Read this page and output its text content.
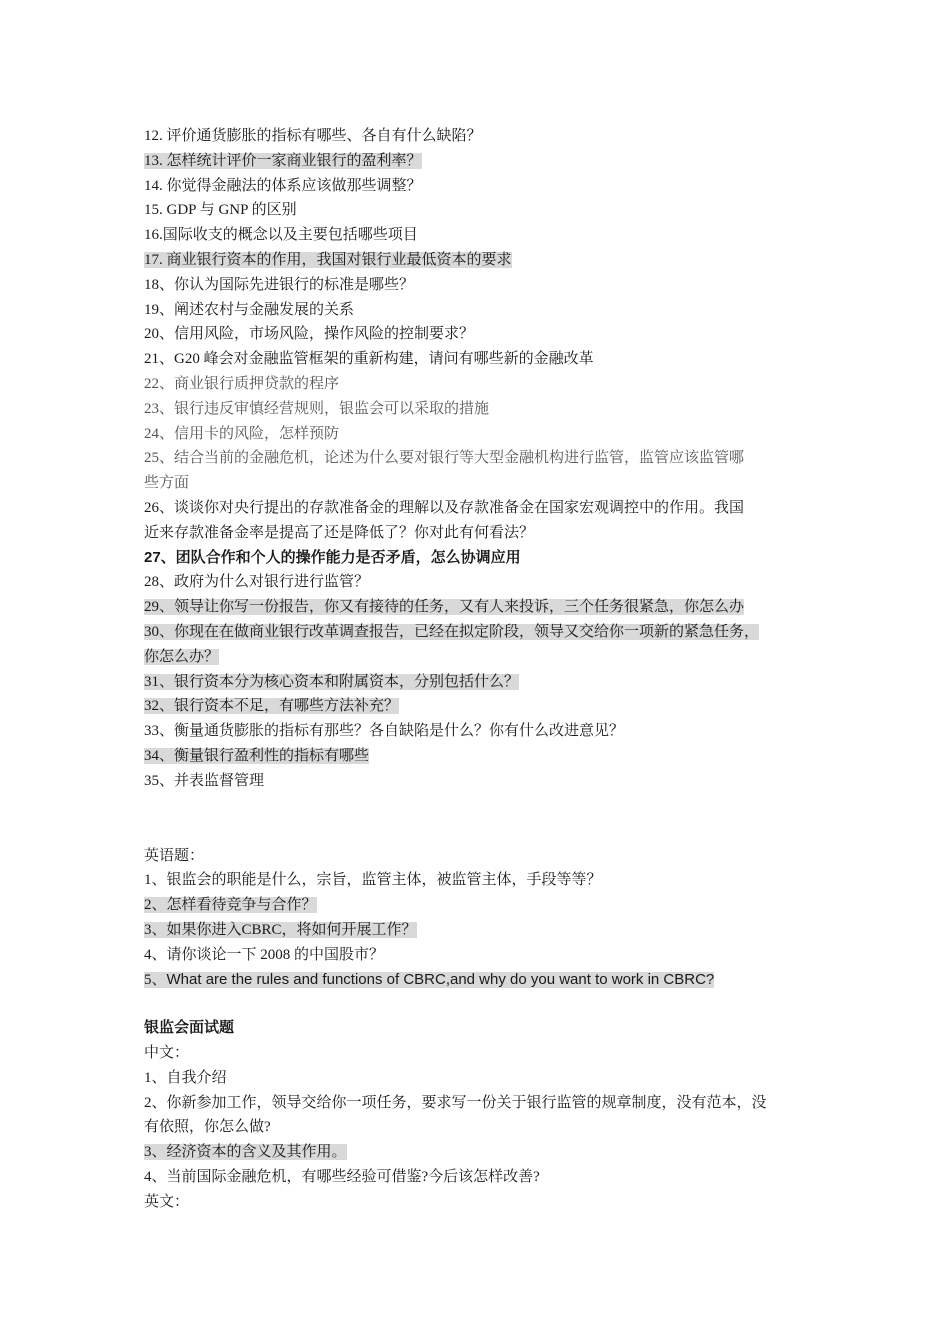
12. 评价通货膨胀的指标有哪些、各自有什么缺陷？
13. 怎样统计评价一家商业银行的盈利率？
14. 你觉得金融法的体系应该做那些调整？
15. GDP 与 GNP 的区别
16.国际收支的概念以及主要包括哪些项目
17. 商业银行资本的作用，我国对银行业最低资本的要求
18、你认为国际先进银行的标准是哪些？
19、阐述农村与金融发展的关系
20、信用风险，市场风险，操作风险的控制要求？
21、G20 峰会对金融监管框架的重新构建，请问有哪些新的金融改革
22、商业银行质押贷款的程序
23、银行违反审慎经营规则，银监会可以采取的措施
24、信用卡的风险，怎样预防
25、结合当前的金融危机，论述为什么要对银行等大型金融机构进行监管，监管应该监管哪
些方面
26、谈谈你对央行提出的存款准备金的理解以及存款准备金在国家宏观调控中的作用。我国
近来存款准备金率是提高了还是降低了？你对此有何看法？
27、团队合作和个人的操作能力是否矛盾，怎么协调应用
28、政府为什么对银行进行监管？
29、领导让你写一份报告，你又有接待的任务，又有人来投诉，三个任务很紧急，你怎么办
30、你现在在做商业银行改革调查报告，已经在拟定阶段，领导又交给你一项新的紧急任务，
你怎么办？
31、银行资本分为核心资本和附属资本，分别包括什么？
32、银行资本不足，有哪些方法补充？
33、衡量通货膨胀的指标有那些？各自缺陷是什么？你有什么改进意见？
34、衡量银行盈利性的指标有哪些
35、并表监督管理
英语题：
1、银监会的职能是什么，宗旨，监管主体，被监管主体，手段等等？
2、怎样看待竞争与合作？
3、如果你进入CBRC，将如何开展工作？
4、请你谈论一下 2008 的中国股市？
5、What are the rules and functions of CBRC,and why do you want to work in CBRC?
银监会面试题
中文：
1、自我介绍
2、你新参加工作，领导交给你一项任务，要求写一份关于银行监管的规章制度，没有范本，没
有依照，你怎么做?
3、经济资本的含义及其作用。
4、当前国际金融危机，有哪些经验可借鉴?今后该怎样改善?
英文：
